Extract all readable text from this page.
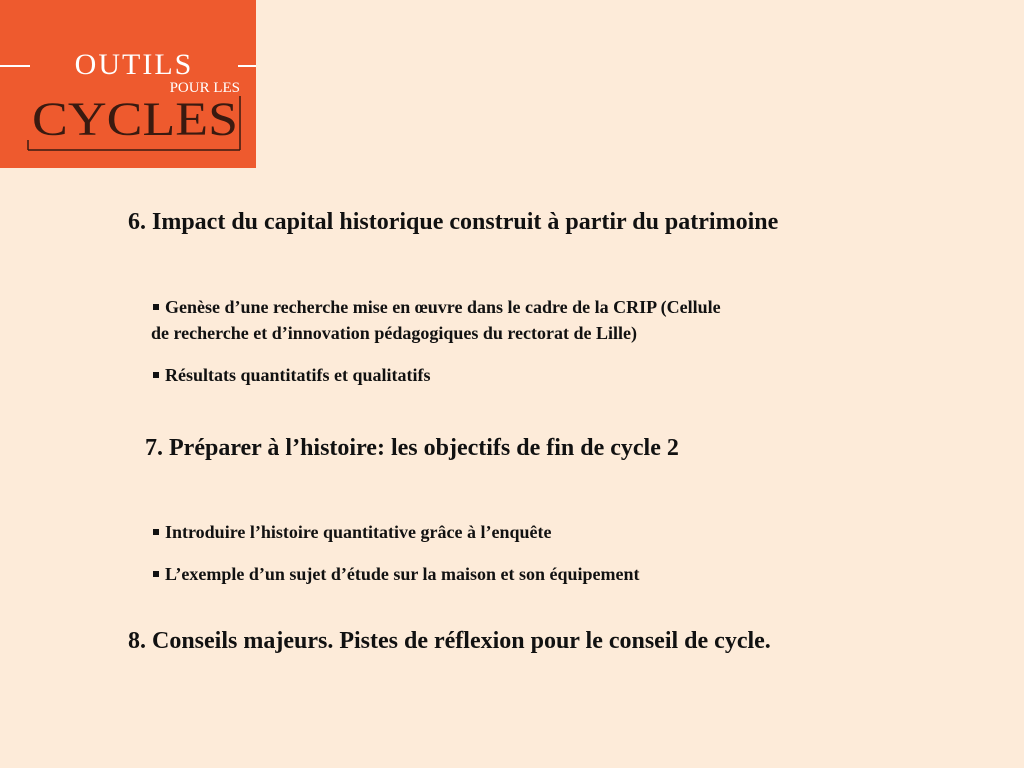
OUTILS
POUR LES
CYCLES
6. Impact du capital historique construit à partir du patrimoine

Genèse d’une recherche mise en œuvre dans le cadre de la CRIP (Cellule
de recherche et d’innovation pédagogiques du rectorat de Lille)

Résultats quantitatifs et qualitatifs

7. Préparer à l’histoire: les objectifs de fin de cycle 2

Introduire l’histoire quantitative grâce à l’enquête

L’exemple d’un sujet d’étude sur la maison et son équipement

8. Conseils majeurs. Pistes de réflexion pour le conseil de cycle.
